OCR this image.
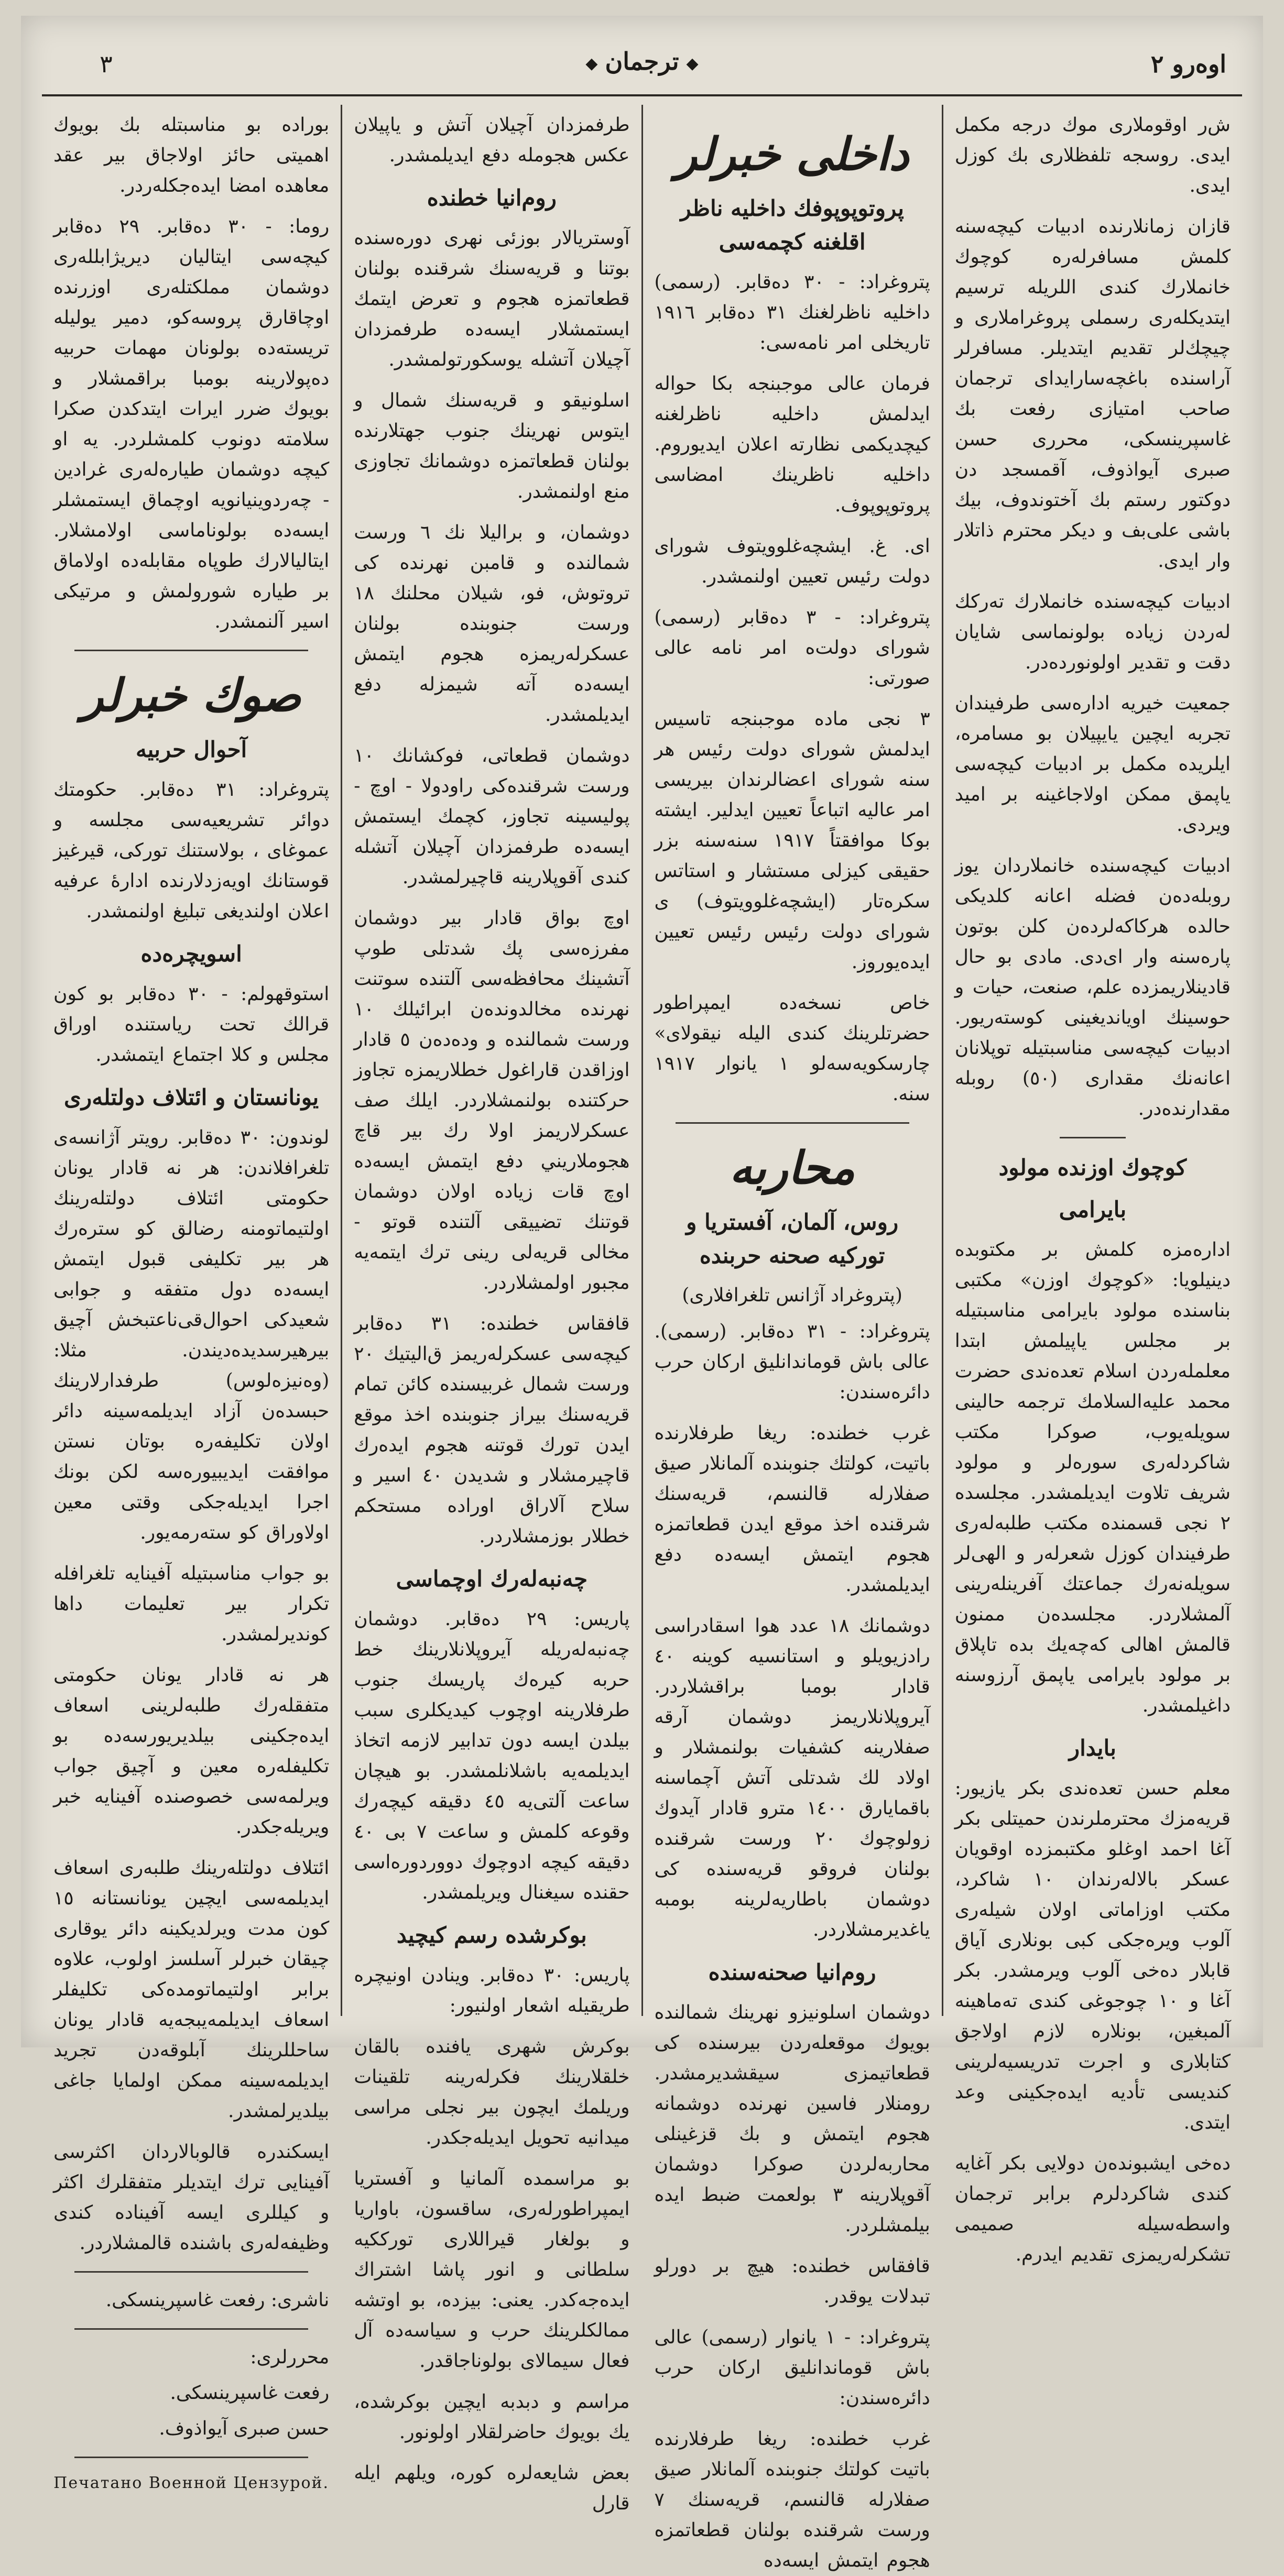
اوه‌رو ٢
◆ ترجمان ◆
٣

ش‌ر اوقوملارى موك درجه مكمل ايدى. روسجه تلفظلارى بك كوزل ايدى.

قازان زمانلارنده ادبيات كيچه‌سنه كلمش مسافرله‌ره كوچوك خانملارك كندى اللريله ترسيم ايتديكله‌رى رسملى پروغراملارى و چيچك‌لر تقديم ايتديلر. مسافرلر آراسنده باغچه‌سارايداى ترجمان صاحب امتيازى رفعت بك غاسپرينسكى، محررى حسن صبرى آيواذوف، آقمسجد دن دوكتور رستم بك آختوندوف، بيك باشى على‌بف و ديكر محترم ذاتلار وار ايدى.

ادبيات كيچه‌سنده خانملارك ته‌ركك له‌ردن زياده بولونماسى شايان دقت و تقدير اولونورده‌در.

جمعيت خيريه اداره‌سى طرفيندان تجربه ايچين يايپيلان بو مسامره، ايلريده مكمل بر ادبيات كيچه‌سى ياپمق ممكن اولاجاغينه بر اميد ويردى.

ادبيات كيچه‌سنده خانملاردان يوز روبله‌ده‌ن فضله اعانه كلديكى حالده هركاكه‌لرده‌ن كلن بوتون پاره‌سنه وار اى‌دى. مادى بو حال قادينلاريمزده علم، صنعت، حيات و حوسينك اويانديغينى كوسته‌ريور. ادبيات كيچه‌سى مناسبتيله توپلانان اعانه‌نك مقدارى (٥٠) روبله مقدارنده‌در.

كوچوك اوزنده مولود
بايرامى

اداره‌مزه كلمش بر مكتوبده دينيلويا: «كوچوك اوزن» مكتبى بناسنده مولود بايرامى مناسبتيله بر مجلس ياپيلمش ابتدا معلمله‌ردن اسلام تعده‌ندى حضرت محمد عليه‌السلامك ترجمه حالينى سويله‌يوب، صوكرا مكتب شاكردله‌رى سوره‌لر و مولود شريف تلاوت ايديلمشدر. مجلسده ٢ نجى قسمنده مكتب طلبه‌له‌رى طرفيندان كوزل شعرله‌ر و الهى‌لر سويله‌نه‌رك جماعتك آفرينله‌رينى آلمشلاردر. مجلسده‌ن ممنون قالمش اهالى كه‌چه‌يك بده تاپلاق بر مولود بايرامى ياپمق آرزوسنه داغيلمشدر.

بايدار

معلم حسن تعده‌ندى بكر يازيور: قريه‌مزك محترملرندن حميتلى بكر آغا احمد اوغلو مكتبمزده اوقويان عسكر بالاله‌رندان ١٠ شاكرد، مكتب اوزاماتى اولان شيله‌رى آلوب ويره‌جكى كبى بونلارى آياق قابلار ده‌خى آلوب ويرمشدر. بكر آغا و ١٠ چوجوغى كندى ته‌ماهينه آلمبغين، بونلاره لازم اولاجق كتابلارى و اجرت تدريسيه‌لرينى كنديسى تأديه ايده‌جكينى وعد ايتدى.

ده‌خى ايشبونده‌ن دولايى بكر آغايه كندى شاكردلرم برابر ترجمان واسطه‌سيله صميمى تشكرله‌ريمزى تقديم ايدرم.

داخلى خبرلر
پروتوپوپوفك داخليه ناظر اقلغنه كچمه‌سى

پتروغراد: - ٣٠ ده‌قابر. (رسمى) داخليه ناظرلغنك ٣١ ده‌قابر ١٩١٦ تاريخلى امر نامه‌سى:

فرمان عالى موجبنجه بكا حواله ايدلمش داخليه ناظرلغنه كيچديكمى نظارته اعلان ايديوروم. داخليه ناظرينك امضاسى پروتوپوپوف.

اى. غ. ايشچه‌غلوويتوف شوراى دولت رئيس تعيين اولنمشدر.

پتروغراد: - ٣ ده‌قابر (رسمى) شوراى دولت‌ه امر نامه عالى صورتى:

٣ نجى ماده موجبنجه تاسيس ايدلمش شوراى دولت رئيس هر سنه شوراى اعضالرندان بيريسى امر عاليه اتباعاً تعيين ايدلير. ايشته بوكا موافقتاً ١٩١٧ سنه‌سنه بزر حقيقى كيزلى مستشار و استاتس سكره‌تار (ايشچه‌غلوويتوف) ى شوراى دولت رئيس رئيس تعيين ايده‌يوروز.

خاص نسخه‌ده ايمپراطور حضرتلرينك كندى اليله نيقولاى» چارسكويه‌سه‌لو ١ يانوار ١٩١٧ سنه.

محاربه
روس، آلمان، آفستريا و توركيه صحنه حربنده
(پتروغراد آژانس تلغرافلارى)

پتروغراد: - ٣١ ده‌قابر. (رسمى). عالى باش قوماندانليق اركان حرب دائره‌سندن:

غرب خطنده: ريغا طرفلارنده باتيت، كولتك جنوبنده آلمانلار صيق صفلارله قالنسم، قريه‌سنك شرقنده اخذ موقع ايدن قطعاتمزه هجوم ايتمش ايسه‌ده دفع ايديلمشدر.

دوشمانك ١٨ عدد هوا اسقادراسى رادزيويلو و استانسيه كوينه ٤٠ قادار بومبا براقشلاردر. آيروپلانلاريمز دوشمان آرقه صفلارينه كشفيات بولنمشلار و اولاد لك شدتلى آتش آچماسنه باقمايارق ١٤٠٠ مترو قادار آيدوك زولوچوك ٢٠ ورست شرقنده بولنان فروقو قريه‌سنده كى دوشمان باطاريه‌لرينه بومبه ياغديرمشلاردر.

روم‌انيا صحنه‌سنده

دوشمان اسلونيزو نهرينك شمالنده بويوك موقعله‌ردن بيرسنده كى قطعاتيمزى سيقشديرمشدر. رومنلار فاسين نهرنده دوشمانه هجوم ايتمش و بك قزغينلى محاربه‌لردن صوكرا دوشمان آقوپلارينه ٣ بولعمت ضبط ايده بيلمشلردر.

قافقاس خطنده: هيچ بر دورلو تبدلات يوقدر.

پتروغراد: - ١ يانوار (رسمى) عالى باش قوماندانليق اركان حرب دائره‌سندن:

غرب خطنده: ريغا طرفلارنده باتيت كولتك جنوبنده آلمانلار صيق صفلارله قالنسم، قريه‌سنك ٧ ورست شرقنده بولنان قطعاتمزه هجوم ايتمش ايسه‌ده

طرفمزدان آچيلان آتش و ياپيلان عكس هجومله دفع ايديلمشدر.

روم‌انيا خطنده

آوستريالار بوزئى نهرى دوره‌سنده بوتنا و قريه‌سنك شرقنده بولنان قطعاتمزه هجوم و تعرض ايتمك ايستمشلار ايسه‌ده طرفمزدان آچيلان آتشله يوسكورتولمشدر.

اسلونيقو و قريه‌سنك شمال و ايتوس نهرينك جنوب جهتلارنده بولنان قطعاتمزه دوشمانك تجاوزى منع اولنمشدر.

دوشمان، و براليلا نك ٦ ورست شمالنده و قامبن نهرنده كى تروتوش، فو، شيلان محلنك ١٨ ورست جنوبنده بولنان عسكرله‌ريمزه هجوم ايتمش ايسه‌ده آته شيمزله دفع ايديلمشدر.

دوشمان قطعاتى، فوكشانك ١٠ ورست شرقنده‌كى راودولا - اوچ - پوليسينه تجاوز، كچمك ايستمش ايسه‌ده طرفمزدان آچيلان آتشله كندى آقوپلارينه قاچيرلمشدر.

اوچ بواق قادار بير دوشمان مفرزه‌سى پك شدتلى طوپ آتشينك محافظه‌سى آلتنده سوتنت نهرنده مخالدونده‌ن ابرائيلك ١٠ ورست شمالنده و وده‌ده‌ن ٥ قادار اوزاقدن قاراغول خطلاريمزه تجاوز حركتنده بولنمشلاردر. ايلك صف عسكرلاريمز اولا رك بير قاچ هجوملاريني دفع ايتمش ايسه‌ده اوچ قات زياده اولان دوشمان قوتنك تضييقى آلتنده قوتو - مخالى قريه‌لى رينى ترك ايتمه‌يه مجبور اولمشلاردر.

قافقاس خطنده: ٣١ ده‌قابر كيچه‌سى عسكرله‌ريمز ق‌اليتيك ٢٠ ورست شمال غربيسنده كائن تمام قريه‌سنك بيراز جنوبنده اخذ موقع ايدن تورك قوتنه هجوم ايده‌رك قاچيرمشلار و شديدن ٤٠ اسير و سلاح آلاراق اوراده مستحكم خطلار بوزمشلاردر.

چه‌نبه‌له‌رك اوچماسى

پاريس: ٢٩ ده‌قابر. دوشمان چه‌نبه‌له‌ريله آيروپلانلارينك خط حربه كيره‌ك پاريسك جنوب طرفلارينه اوچوب كيديكلرى سبب بيلدن ايسه دون تدابير لازمه اتخاذ ايديلمه‌يه باشلانلمشدر. بو هيچان ساعت آلتى‌يه ٤٥ دقيقه كيچه‌رك وقوعه كلمش و ساعت ٧ بى ٤٠ دقيقه كيچه‌ ادوچوك دووردوره‌اسى حقنده سيغنال ويريلمشدر.

بوكرشده رسم كيچيد

پاريس: ٣٠ ده‌قابر. وينادن اونيچره طريقيله اشعار اولنيور:

بوكرش شهرى يافنده بالقان خلقلارينك فكرله‌رينه تلقينات وريلمك ايچون بير نجلى مراسى ميدانيه تحويل ايديله‌جكدر.

بو مراسمده آلمانيا و آفستريا ايمپراطورله‌رى، ساقسون، باواريا و بولغار قيراللارى تورككيه سلطانى و انور پاشا اشتراك ايده‌جه‌كدر. يعنى: بيزده، بو اوتشه ممالكلرينك حرب و سياسه‌ده آل فعال سيمالاى بولوناجاقدر.

مراسم و دبدبه ايچين بوكرشده، يك بويوك حاضرلقلار اولونور.

بعض شايعه‌لره كوره، ويلهم ايله قارل

بوراده بو مناسبتله بك بويوك اهميتى حائز اولاجاق بير عقد معاهده امضا ايده‌جكله‌ردر.

روما: - ٣٠ ده‌قابر. ٢٩ ده‌قابر كيچه‌سى ايتاليان ديريژابلله‌رى دوشمان مملكتله‌رى اوزرنده اوچاقارق پروسه‌كو، دمير يوليله تريسته‌ده بولونان مهمات حربيه ده‌پولارينه بومبا براقمشلار و بويوك ضرر ايرات ايتدكدن صكرا سلامته دونوب كلمشلردر. يه او كيچه دوشمان طياره‌له‌رى غرادين - چه‌ردوينيانويه اوچماق ايستمشلر ايسه‌ده بولوناماسى اولامشلار. ايتاليالارك طوپاه مقابله‌ده اولاماق بر طياره شورولمش و مرتيكى اسير آلنمشدر.

صوك خبرلر
آحوال حربيه

پتروغراد: ٣١ ده‌قابر. حكومتك دوائر تشريعيه‌سى مجلسه و عموغاى ، بولاستنك توركى، قيرغيز قوستانك اويه‌زدلارنده ادارهٔ عرفيه اعلان اولنديغى تبليغ اولنمشدر.

اسويچره‌ده

استوقهولم: - ٣٠ ده‌قابر بو كون قرالك تحت رياستنده اوراق مجلس و كلا اجتماع ايتمشدر.

يونانستان و ائتلاف دولتله‌رى

لوندون: ٣٠ ده‌قابر. رويتر آژانسه‌ى تلغرافلاندن: هر نه قادار يونان حكومتى ائتلاف دولتله‌رينك اولتيماتومنه رضالق كو ستره‌رك هر بير تكليفى قبول ايتمش ايسه‌ده دول متفقه و جوابى شعيدكى احوال‌قى‌ناعتبخش آچيق بيرهيرسديده‌ديندن. مثلا: (وه‌نيزه‌لوس) طرفدارلارينك حبسده‌ن آزاد ايديلمه‌سينه دائر اولان تكليفه‌ره بوتان نستن موافقت ايديبيوره‌سه لكن بونك اجرا ايديله‌جكى وقتى معين اولاوراق كو سته‌رمه‌يور.

بو جواب مناسبتيله آفينايه تلغرافله تكرار بير تعليمات داها كونديرلمشدر.

هر نه قادار يونان حكومتى متفقله‌رك طلبه‌لرينى اسعاف ايده‌جكينى بيلديريورسه‌ده بو تكليفله‌ره معين و آچيق جواب ويرلمه‌سى خصوصنده آفينايه خبر ويريله‌جكدر.

ائتلاف دولتله‌رينك طلبه‌رى اسعاف ايديلمه‌سى ايچين يونانستانه ١٥ كون مدت ويرلديكينه دائر يوقارى چيقان خبرلر آسلسز اولوب، علاوه برابر اولتيماتومده‌كى تكليفلر اسعاف ايديلمه‌يبجه‌يه قادار يونان ساحللرينك آبلوقه‌دن تجريد ايديلمه‌سينه ممكن اولمايا جاغى بيلديرلمشدر.

ايسكندره قالوبالاردان اكثرسى آفينايى ترك ايتديلر متفقلرك اكثر و كيللرى ايسه آفيناده كندى وظيفه‌له‌رى باشنده قالمشلاردر.

ناشرى: رفعت غاسپرينسكى.
محررلرى:
رفعت غاسپرينسكى.
حسن صبرى آيواذوف.
Печатано Военной Цензурой.
